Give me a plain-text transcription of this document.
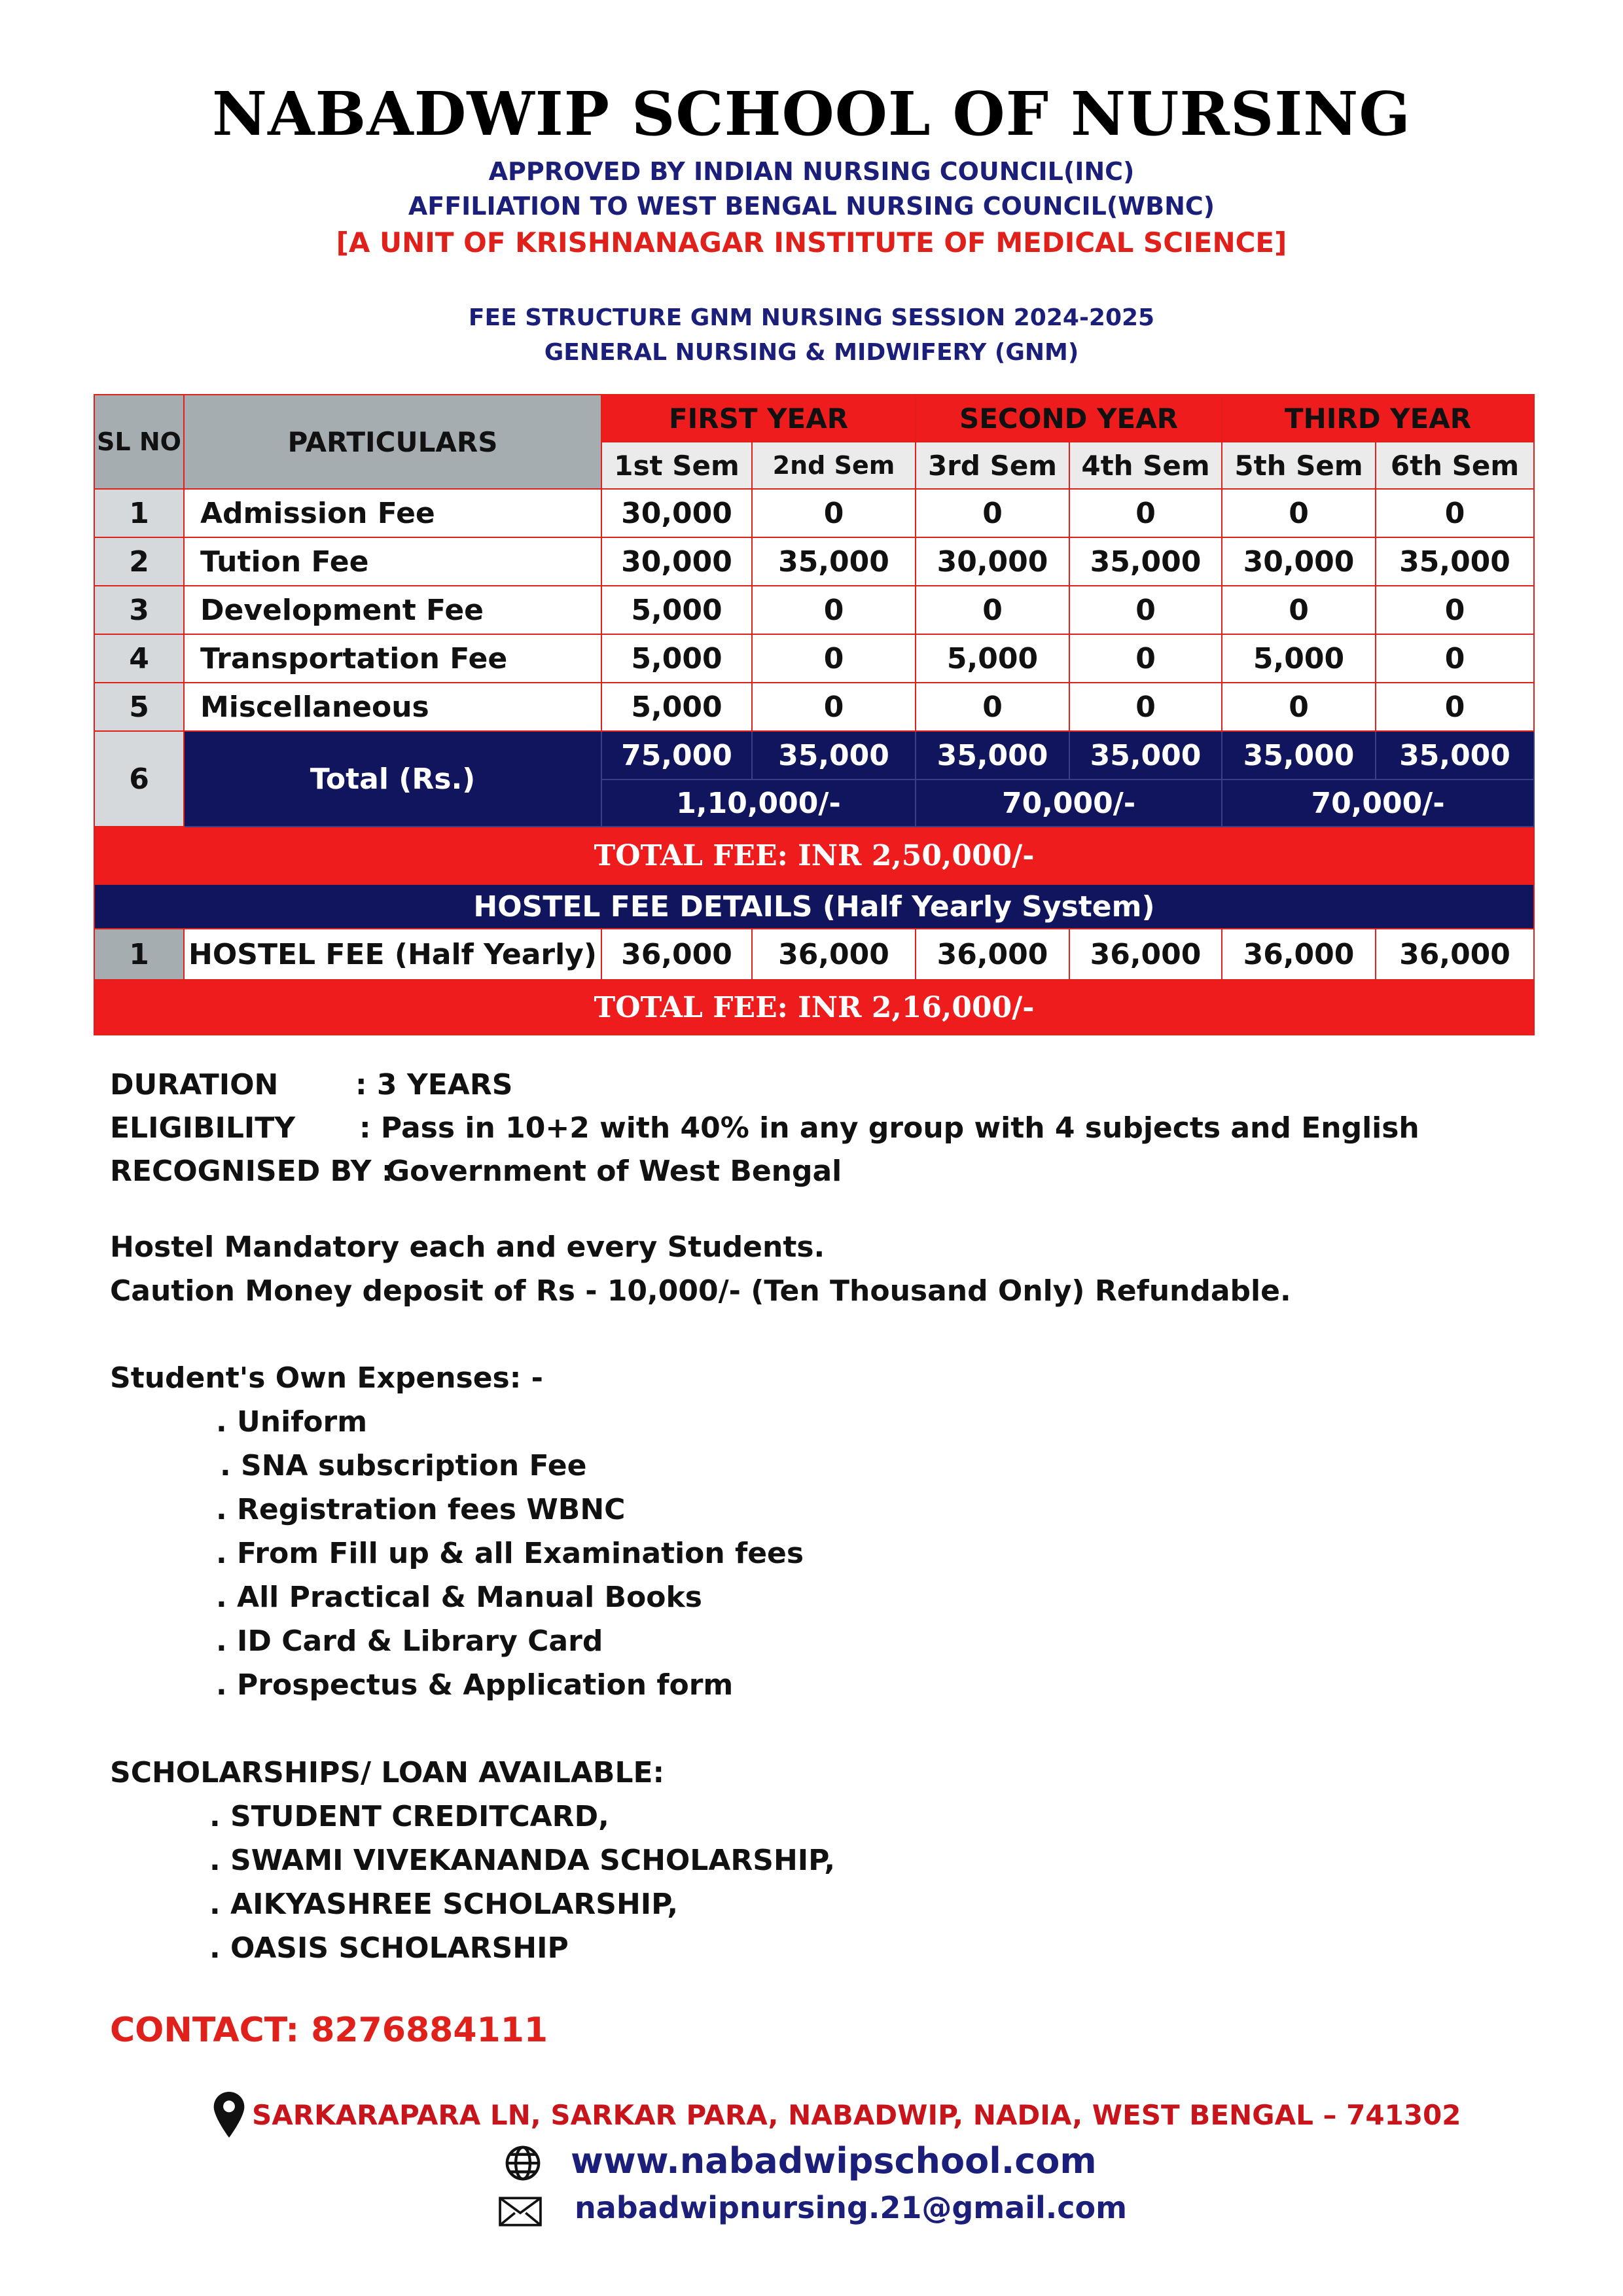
NABADWIP SCHOOL OF NURSING
APPROVED BY INDIAN NURSING COUNCIL(INC)
AFFILIATION TO WEST BENGAL NURSING COUNCIL(WBNC)
[A UNIT OF KRISHNANAGAR INSTITUTE OF MEDICAL SCIENCE]
FEE STRUCTURE GNM NURSING SESSION 2024-2025
GENERAL NURSING & MIDWIFERY (GNM)
SL NO	PARTICULARS	FIRST YEAR		SECOND YEAR		THIRD YEAR	
		1st Sem	2nd Sem	3rd Sem	4th Sem	5th Sem	6th Sem
1	Admission Fee	30,000	0	0	0	0	0
2	Tution Fee	30,000	35,000	30,000	35,000	30,000	35,000
3	Development Fee	5,000	0	0	0	0	0
4	Transportation Fee	5,000	0	5,000	0	5,000	0
5	Miscellaneous	5,000	0	0	0	0	0
6	Total (Rs.)	75,000	35,000	35,000	35,000	35,000	35,000
		1,10,000/-		70,000/-		70,000/-	
TOTAL FEE: INR 2,50,000/-							
HOSTEL FEE DETAILS (Half Yearly System)							
1	HOSTEL FEE (Half Yearly)	36,000	36,000	36,000	36,000	36,000	36,000
TOTAL FEE: INR 2,16,000/-							
DURATION	: 3 YEARS
ELIGIBILITY : Pass in 10+2 with 40% in any group with 4 subjects and English
RECOGNISED BY :Government of West Bengal
Hostel Mandatory each and every Students.
Caution Money deposit of Rs - 10,000/- (Ten Thousand Only) Refundable.
Student's Own Expenses: -
. Uniform
. SNA subscription Fee
. Registration fees WBNC
. From Fill up & all Examination fees
. All Practical & Manual Books
. ID Card & Library Card
. Prospectus & Application form
SCHOLARSHIPS/ LOAN AVAILABLE:
. STUDENT CREDITCARD,
. SWAMI VIVEKANANDA SCHOLARSHIP,
. AIKYASHREE SCHOLARSHIP,
. OASIS SCHOLARSHIP
CONTACT: 8276884111
SARKARAPARA LN, SARKAR PARA, NABADWIP, NADIA, WEST BENGAL – 741302
www.nabadwipschool.com
nabadwipnursing.21@gmail.com
